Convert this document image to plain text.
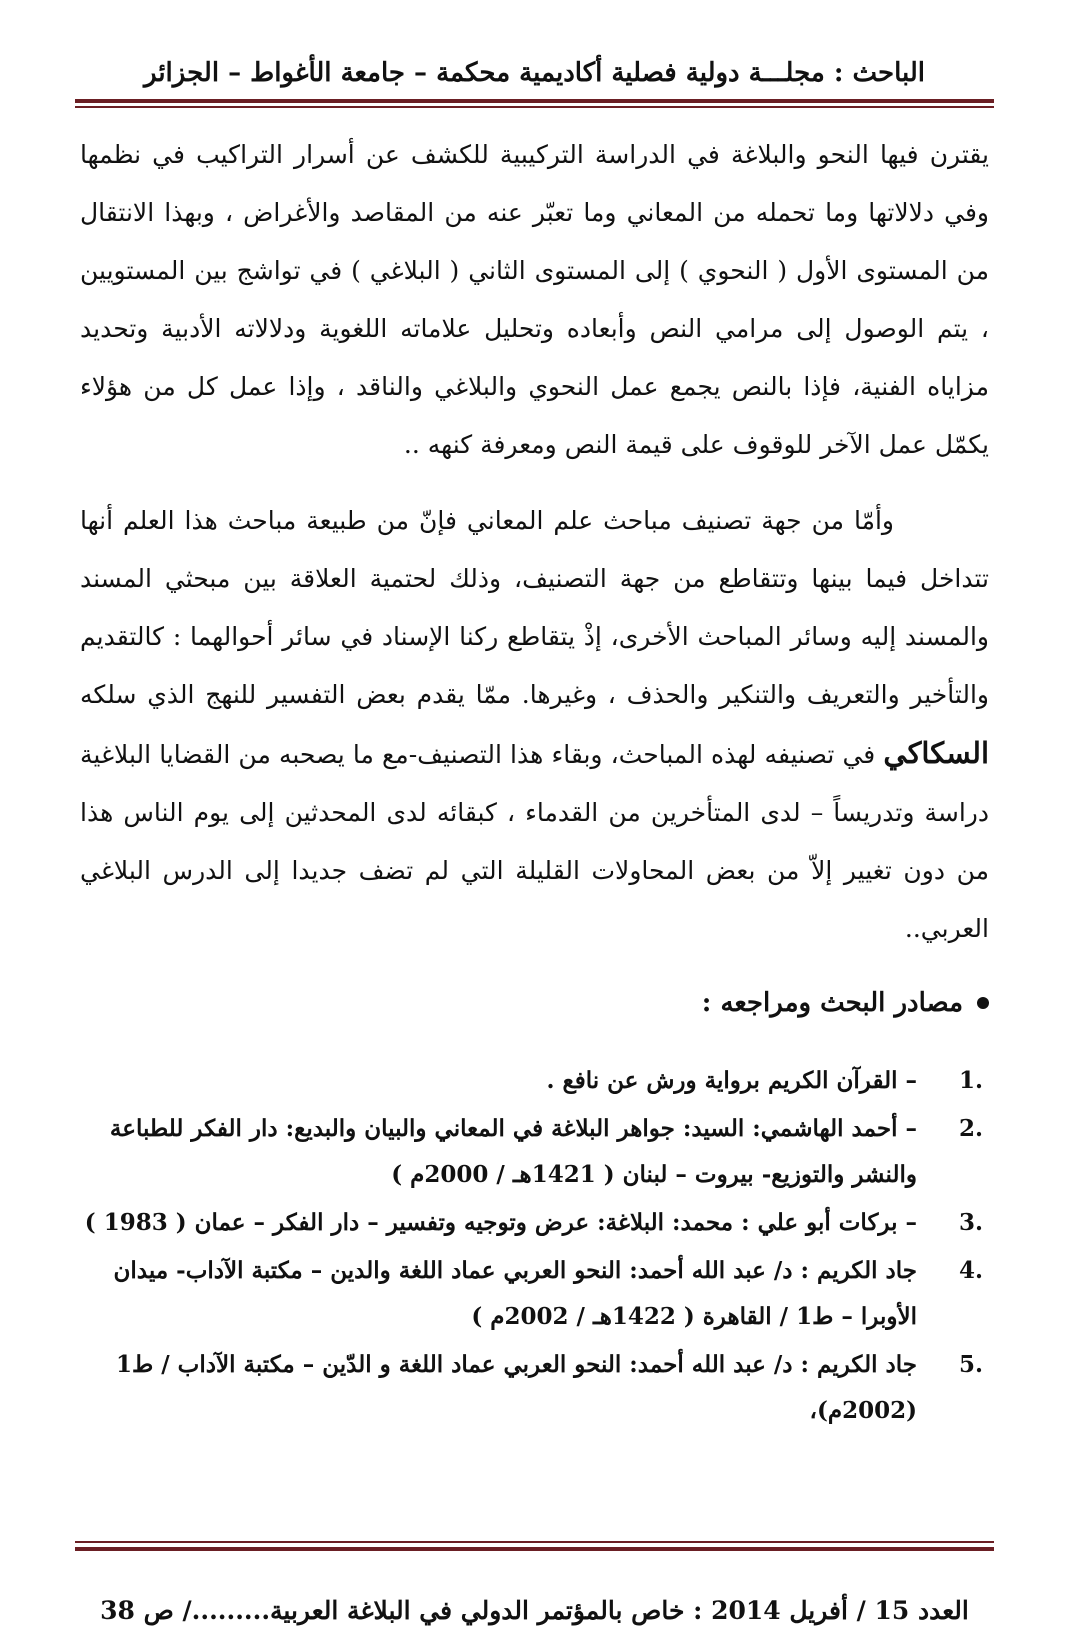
الباحث : مجلـــة دولية فصلية أكاديمية محكمة – جامعة الأغواط – الجزائر

يقترن فيها النحو والبلاغة في الدراسة التركيبية للكشف عن أسرار التراكيب في نظمها وفي دلالاتها وما تحمله من المعاني وما تعبّر عنه من المقاصد والأغراض ، وبهذا الانتقال من المستوى الأول ( النحوي ) إلى المستوى الثاني ( البلاغي ) في تواشج بين المستويين ، يتم الوصول إلى مرامي النص وأبعاده وتحليل علاماته اللغوية ودلالاته الأدبية وتحديد مزاياه الفنية، فإذا بالنص يجمع عمل النحوي والبلاغي والناقد ، وإذا عمل كل من هؤلاء يكمّل عمل الآخر للوقوف على قيمة النص ومعرفة كنهه ..

وأمّا من جهة تصنيف مباحث علم المعاني فإنّ من طبيعة مباحث هذا العلم أنها تتداخل فيما بينها وتتقاطع من جهة التصنيف، وذلك لحتمية العلاقة بين مبحثي المسند والمسند إليه وسائر المباحث الأخرى، إذْ يتقاطع ركنا الإسناد في سائر أحوالهما : كالتقديم والتأخير والتعريف والتنكير والحذف ، وغيرها. ممّا يقدم بعض التفسير للنهج الذي سلكه السكاكي في تصنيفه لهذه المباحث، وبقاء هذا التصنيف-مع ما يصحبه من القضايا البلاغية دراسة وتدريساً – لدى المتأخرين من القدماء ، كبقائه لدى المحدثين إلى يوم الناس هذا من دون تغيير إلاّ من بعض المحاولات القليلة التي لم تضف جديدا إلى الدرس البلاغي العربي..

مصادر البحث ومراجعه :
.1
– القرآن الكريم برواية ورش عن نافع .
.2
– أحمد الهاشمي: السيد: جواهر البلاغة في المعاني والبيان والبديع: دار الفكر للطباعة والنشر والتوزيع- بيروت – لبنان ( 1421هـ / 2000م )
.3
– بركات أبو علي : محمد: البلاغة: عرض وتوجيه وتفسير – دار الفكر – عمان ( 1983 )
.4
جاد الكريم : د/ عبد الله أحمد: النحو العربي عماد اللغة والدين – مكتبة الآداب- ميدان الأوبرا – ط1 / القاهرة ( 1422هـ / 2002م )
.5
جاد الكريم : د/ عبد الله أحمد: النحو العربي عماد اللغة و الدّين – مكتبة الآداب / ط1 (2002م)،
العدد 15 / أفريل 2014 : خاص بالمؤتمر الدولي في البلاغة العربية........./ ص 38
